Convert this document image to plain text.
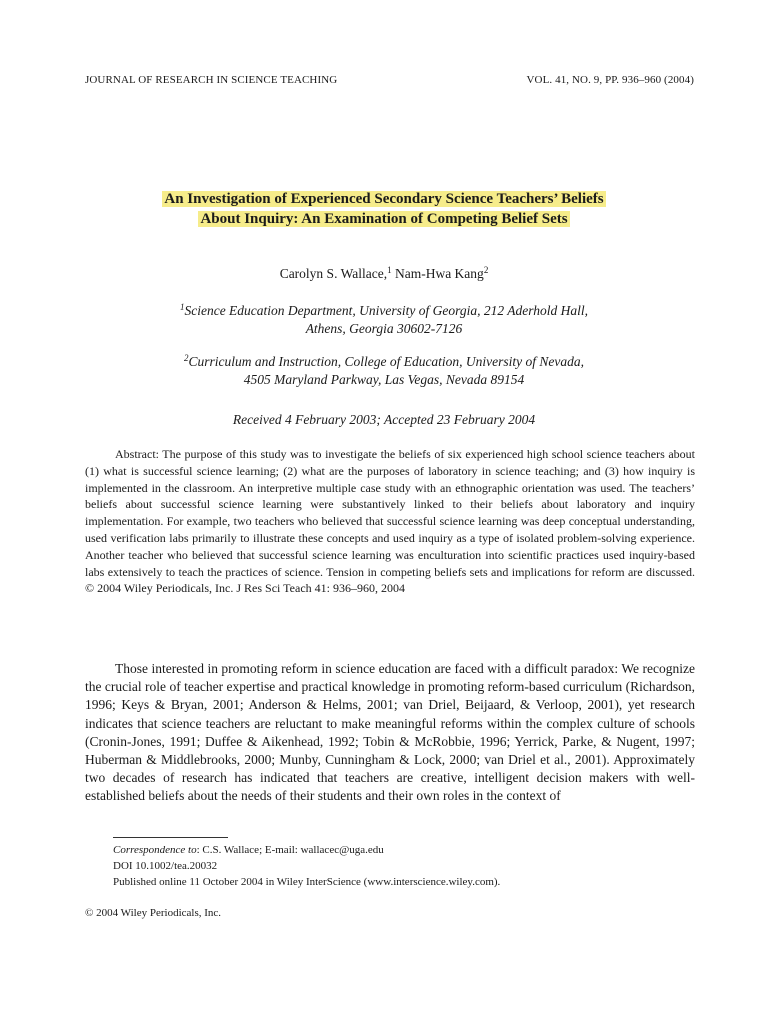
JOURNAL OF RESEARCH IN SCIENCE TEACHING	VOL. 41, NO. 9, PP. 936–960 (2004)
An Investigation of Experienced Secondary Science Teachers’ Beliefs
About Inquiry: An Examination of Competing Belief Sets
Carolyn S. Wallace,$^1$ Nam-Hwa Kang$^2$
$^1$Science Education Department, University of Georgia, 212 Aderhold Hall,
Athens, Georgia 30602-7126
$^2$Curriculum and Instruction, College of Education, University of Nevada,
4505 Maryland Parkway, Las Vegas, Nevada 89154
Received 4 February 2003; Accepted 23 February 2004

Abstract: The purpose of this study was to investigate the beliefs of six experienced high school science teachers about (1) what is successful science learning; (2) what are the purposes of laboratory in science teaching; and (3) how inquiry is implemented in the classroom. An interpretive multiple case study with an ethnographic orientation was used. The teachers’ beliefs about successful science learning were substantively linked to their beliefs about laboratory and inquiry implementation. For example, two teachers who believed that successful science learning was deep conceptual understanding, used verification labs primarily to illustrate these concepts and used inquiry as a type of isolated problem-solving experience. Another teacher who believed that successful science learning was enculturation into scientific practices used inquiry-based labs extensively to teach the practices of science. Tension in competing beliefs sets and implications for reform are discussed. © 2004 Wiley Periodicals, Inc. J Res Sci Teach 41: 936–960, 2004

Those interested in promoting reform in science education are faced with a difficult paradox: We recognize the crucial role of teacher expertise and practical knowledge in promoting reform-based curriculum (Richardson, 1996; Keys & Bryan, 2001; Anderson & Helms, 2001; van Driel, Beijaard, & Verloop, 2001), yet research indicates that science teachers are reluctant to make meaningful reforms within the complex culture of schools (Cronin-Jones, 1991; Duffee & Aikenhead, 1992; Tobin & McRobbie, 1996; Yerrick, Parke, & Nugent, 1997; Huberman & Middlebrooks, 2000; Munby, Cunningham & Lock, 2000; van Driel et al., 2001). Approximately two decades of research has indicated that teachers are creative, intelligent decision makers with well-established beliefs about the needs of their students and their own roles in the context of

Correspondence to: C.S. Wallace; E-mail: wallacec@uga.edu
DOI 10.1002/tea.20032
Published online 11 October 2004 in Wiley InterScience (www.interscience.wiley.com).
© 2004 Wiley Periodicals, Inc.
